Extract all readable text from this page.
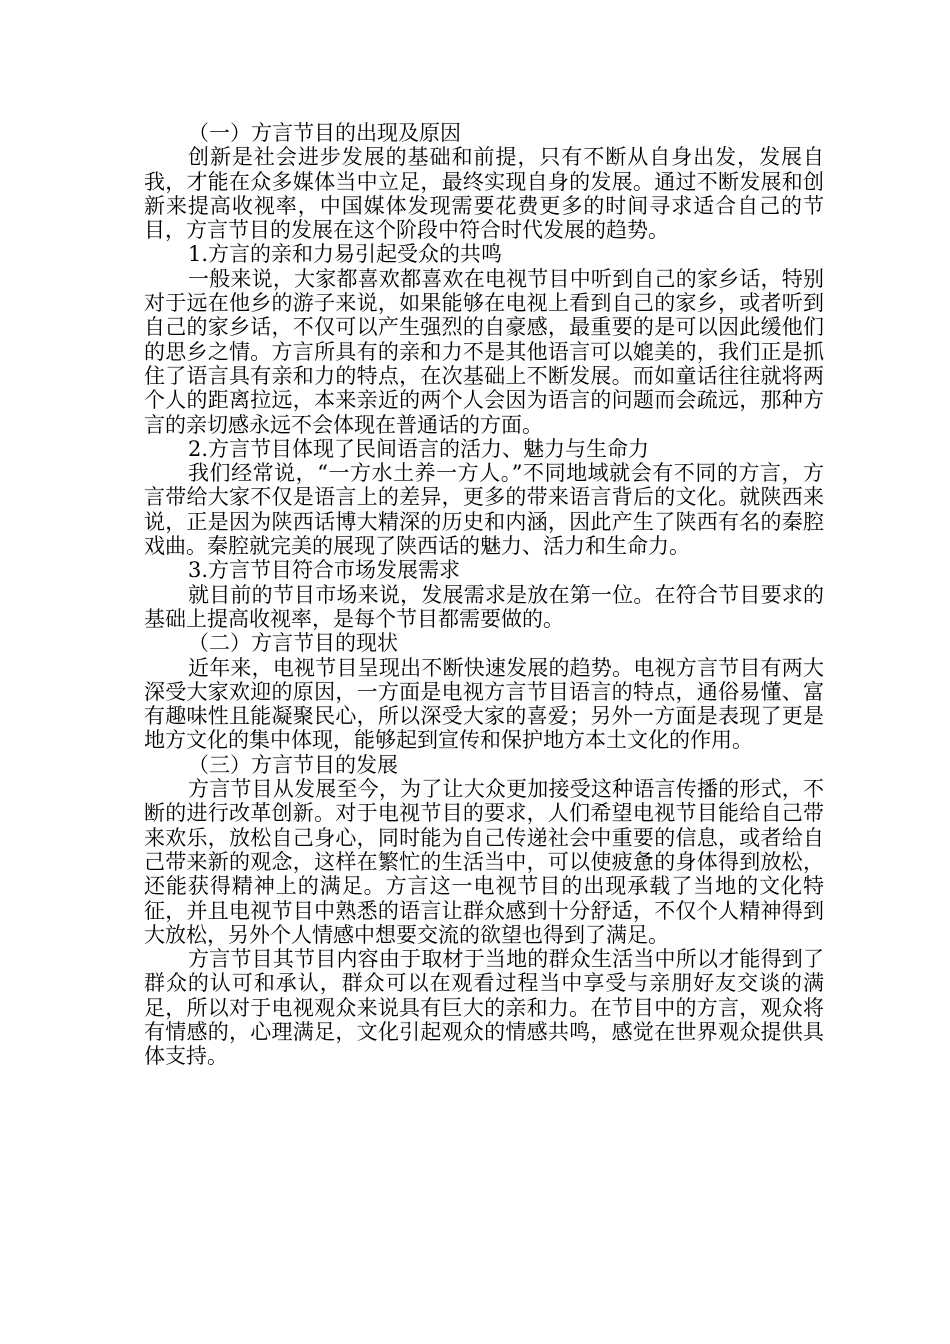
（一）方言节目的出现及原因

创新是社会进步发展的基础和前提，只有不断从自身出发，发展自我，才能在众多媒体当中立足，最终实现自身的发展。通过不断发展和创新来提高收视率，中国媒体发现需要花费更多的时间寻求适合自己的节目，方言节目的发展在这个阶段中符合时代发展的趋势。

1.方言的亲和力易引起受众的共鸣

一般来说，大家都喜欢都喜欢在电视节目中听到自己的家乡话，特别对于远在他乡的游子来说，如果能够在电视上看到自己的家乡，或者听到自己的家乡话，不仅可以产生强烈的自豪感，最重要的是可以因此缓他们的思乡之情。方言所具有的亲和力不是其他语言可以媲美的，我们正是抓住了语言具有亲和力的特点，在次基础上不断发展。而如童话往往就将两个人的距离拉远，本来亲近的两个人会因为语言的问题而会疏远，那种方言的亲切感永远不会体现在普通话的方面。

2.方言节目体现了民间语言的活力、魅力与生命力

我们经常说，“一方水土养一方人。”不同地域就会有不同的方言，方言带给大家不仅是语言上的差异，更多的带来语言背后的文化。就陕西来说，正是因为陕西话博大精深的历史和内涵，因此产生了陕西有名的秦腔戏曲。秦腔就完美的展现了陕西话的魅力、活力和生命力。

3.方言节目符合市场发展需求

就目前的节目市场来说，发展需求是放在第一位。在符合节目要求的基础上提高收视率，是每个节目都需要做的。

（二）方言节目的现状

近年来，电视节目呈现出不断快速发展的趋势。电视方言节目有两大深受大家欢迎的原因，一方面是电视方言节目语言的特点，通俗易懂、富有趣味性且能凝聚民心，所以深受大家的喜爱；另外一方面是表现了更是地方文化的集中体现，能够起到宣传和保护地方本土文化的作用。

（三）方言节目的发展

方言节目从发展至今，为了让大众更加接受这种语言传播的形式，不断的进行改革创新。对于电视节目的要求，人们希望电视节目能给自己带来欢乐，放松自己身心，同时能为自己传递社会中重要的信息，或者给自己带来新的观念，这样在繁忙的生活当中，可以使疲惫的身体得到放松，还能获得精神上的满足。方言这一电视节目的出现承载了当地的文化特征，并且电视节目中熟悉的语言让群众感到十分舒适，不仅个人精神得到大放松，另外个人情感中想要交流的欲望也得到了满足。

方言节目其节目内容由于取材于当地的群众生活当中所以才能得到了群众的认可和承认，群众可以在观看过程当中享受与亲朋好友交谈的满足，所以对于电视观众来说具有巨大的亲和力。在节目中的方言，观众将有情感的，心理满足，文化引起观众的情感共鸣，感觉在世界观众提供具体支持。
